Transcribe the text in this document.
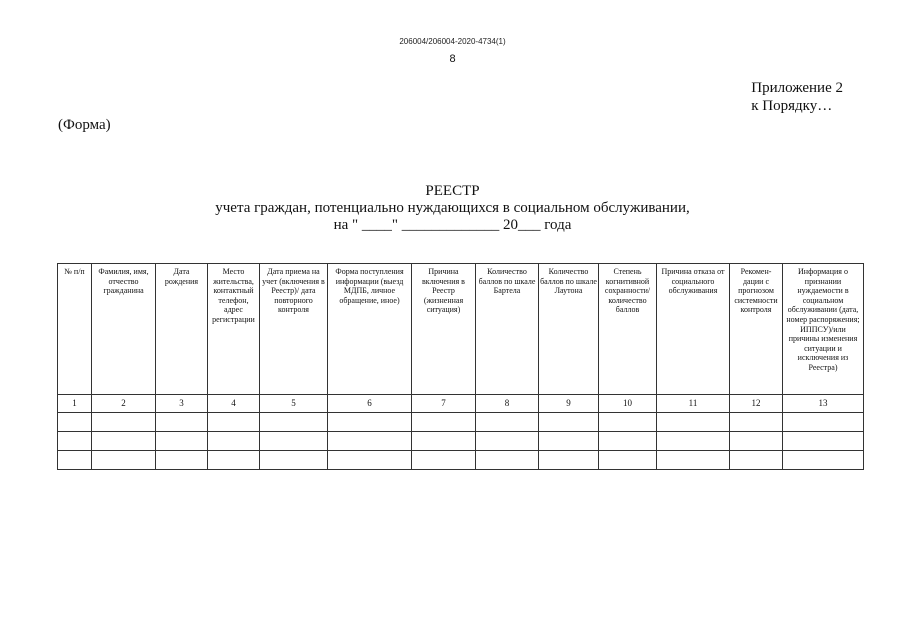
206004/206004-2020-4734(1)
8
Приложение 2
к Порядку…
(Форма)
РЕЕСТР
учета граждан, потенциально нуждающихся в социальном обслуживании,
на " ____" _____________ 20___ года
№ п/п	Фамилия, имя, отчество гражданина	Дата рождения	Место жительства, контактный телефон, адрес регистрации	Дата приема на учет (включения в Реестр)/ дата повторного контроля	Форма поступления информации (выезд МДПБ, личное обращение, иное)	Причина включения в Реестр (жизненная ситуация)	Количество баллов по шкале Бартела	Количество баллов по шкале Лаутона	Степень когнитивной сохранности/ количество баллов	Причина отказа от социального обслуживания	Рекомен- дации с прогнозом системности контроля	Информация о признании нуждаемости в социальном обслуживании (дата, номер распоряжения; ИППСУ)/или причины изменения ситуации и исключения из Реестра)
1	2	3	4	5	6	7	8	9	10	11	12	13
